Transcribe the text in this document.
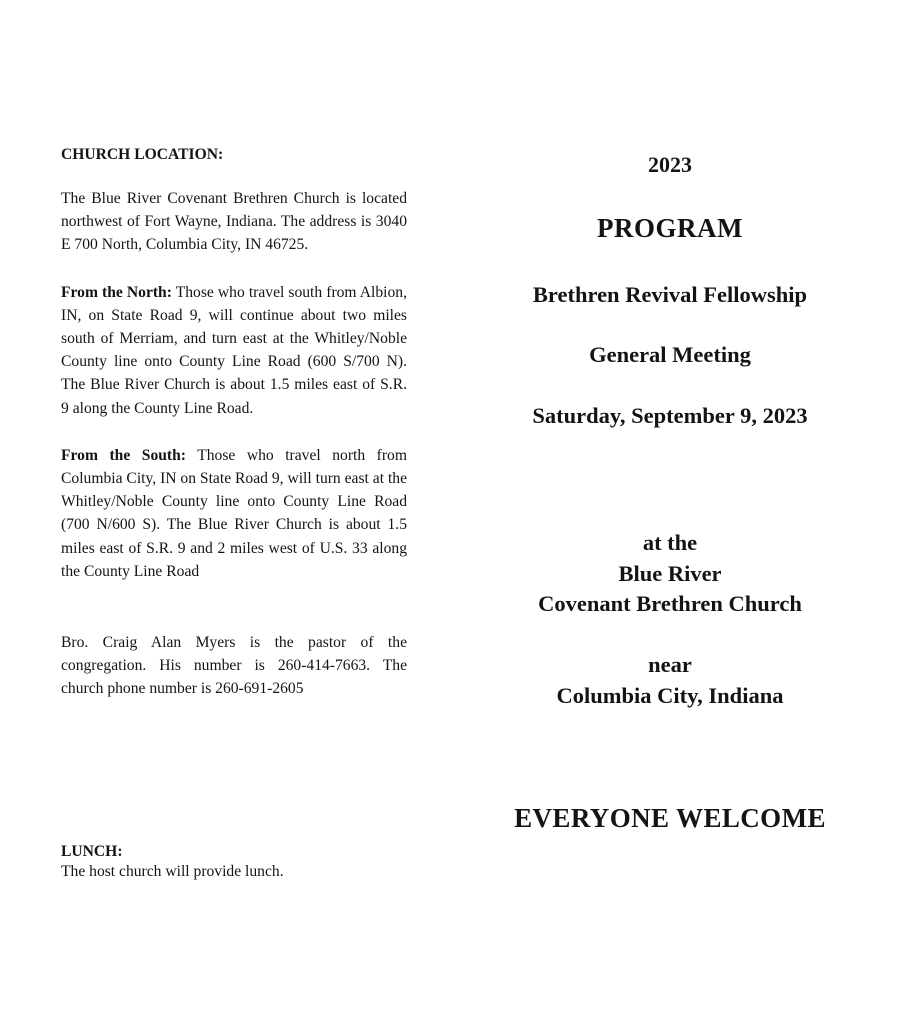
CHURCH LOCATION:

The Blue River Covenant Brethren Church is located northwest of Fort Wayne, Indiana. The address is 3040 E 700 North, Columbia City, IN 46725.

From the North: Those who travel south from Albion, IN, on State Road 9, will continue about two miles south of Merriam, and turn east at the Whitley/Noble County line onto County Line Road (600 S/700 N). The Blue River Church is about 1.5 miles east of S.R. 9 along the County Line Road.

From the South: Those who travel north from Columbia City, IN on State Road 9, will turn east at the Whitley/Noble County line onto County Line Road (700 N/600 S). The Blue River Church is about 1.5 miles east of S.R. 9 and 2 miles west of U.S. 33 along the County Line Road

Bro. Craig Alan Myers is the pastor of the congregation. His number is 260-414-7663. The church phone number is 260-691-2605

LUNCH:

The host church will provide lunch.

2023

PROGRAM

Brethren Revival Fellowship

General Meeting

Saturday, September 9, 2023

at the
Blue River
Covenant Brethren Church
near
Columbia City, Indiana

EVERYONE WELCOME
